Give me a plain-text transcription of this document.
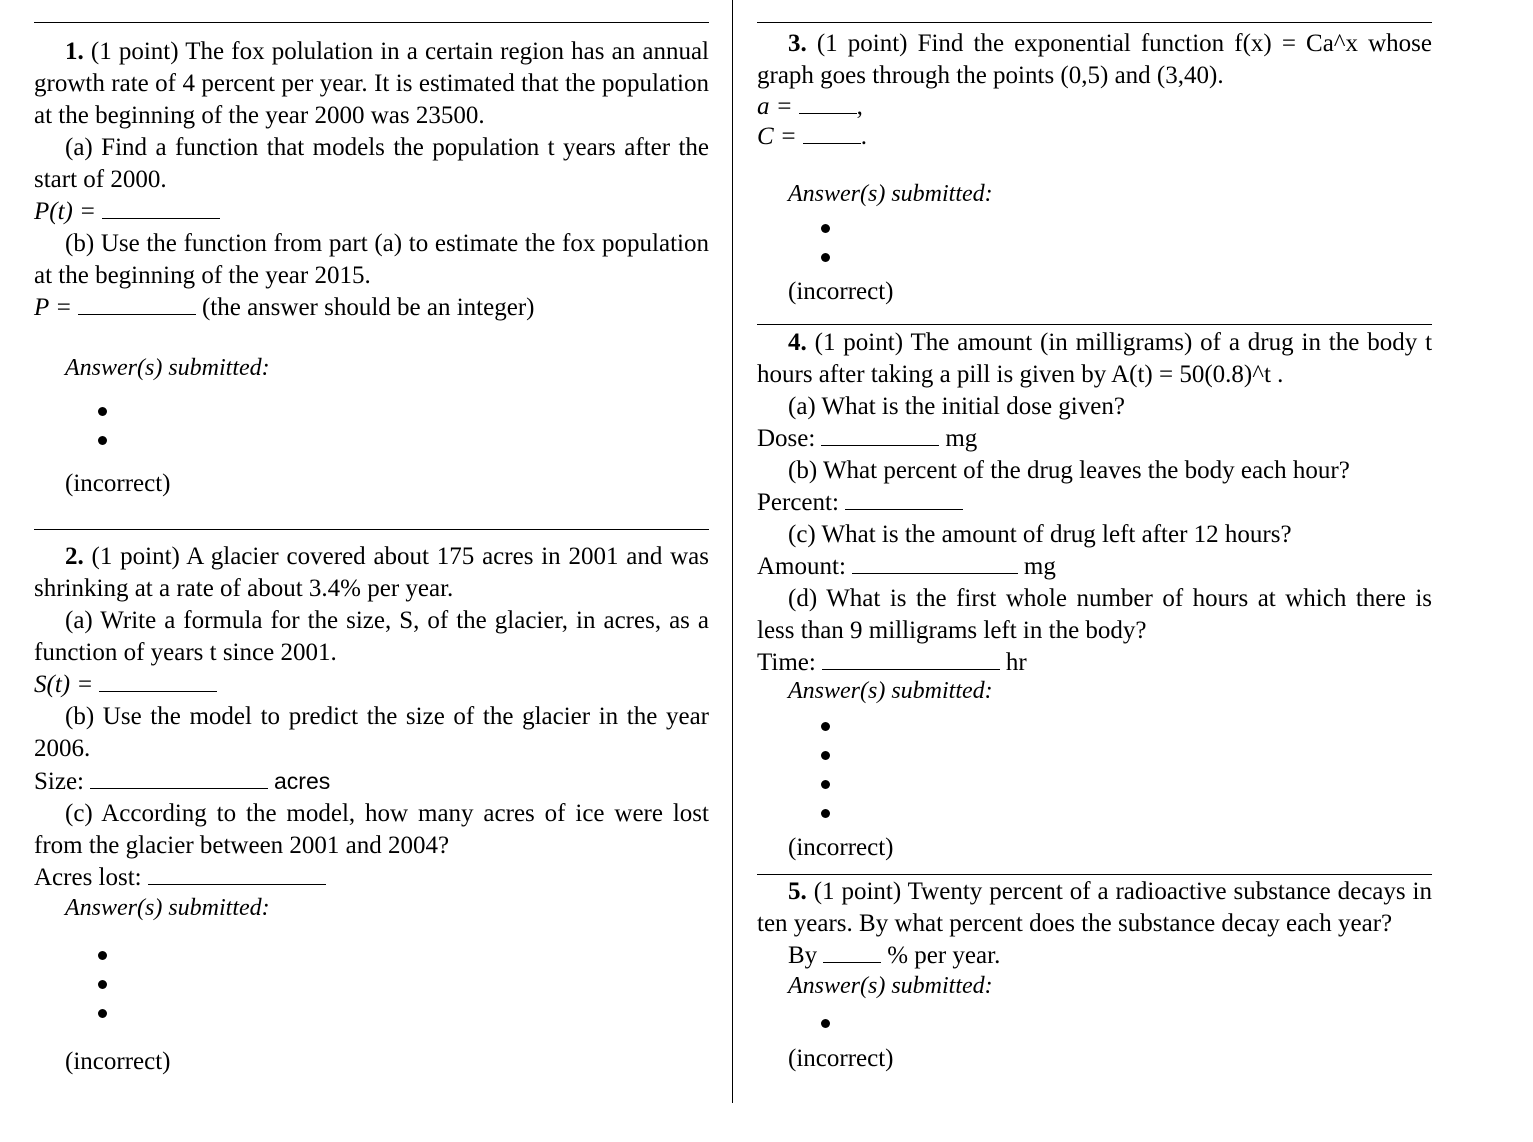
1. (1 point) The fox polulation in a certain region has an annual growth rate of 4 percent per year. It is estimated that the population at the beginning of the year 2000 was 23500.

(a) Find a function that models the population t years after the start of 2000.

P(t) =

(b) Use the function from part (a) to estimate the fox population at the beginning of the year 2015.

P =	(the answer should be an integer)

Answer(s) submitted:

(incorrect)

2. (1 point) A glacier covered about 175 acres in 2001 and was shrinking at a rate of about 3.4% per year.

(a) Write a formula for the size, S, of the glacier, in acres, as a function of years t since 2001.

S(t) =

(b) Use the model to predict the size of the glacier in the year 2006.

Size:	acres

(c) According to the model, how many acres of ice were lost from the glacier between 2001 and 2004?

Acres lost:

Answer(s) submitted:

(incorrect)

3. (1 point) Find the exponential function f(x) = Ca^x whose graph goes through the points (0,5) and (3,40).

a =	,

C =	.

Answer(s) submitted:

(incorrect)

4. (1 point) The amount (in milligrams) of a drug in the body t hours after taking a pill is given by A(t) = 50(0.8)^t .

(a) What is the initial dose given?

Dose:	mg

(b) What percent of the drug leaves the body each hour?

Percent:

(c) What is the amount of drug left after 12 hours?

Amount:	mg

(d) What is the first whole number of hours at which there is less than 9 milligrams left in the body?

Time:	hr

Answer(s) submitted:

(incorrect)

5. (1 point) Twenty percent of a radioactive substance decays in ten years. By what percent does the substance decay each year?

By	% per year.

Answer(s) submitted:

(incorrect)
